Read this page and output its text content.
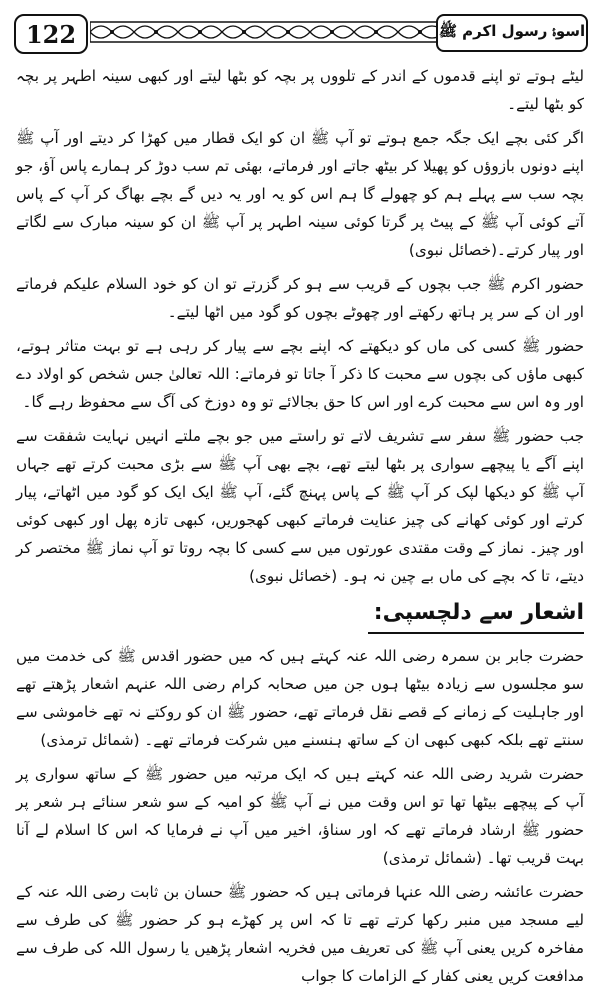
122	اسوۂ رسول اکرم ﷺ

لیٹے ہوتے تو اپنے قدموں کے اندر کے تلووں پر بچہ کو بٹھا لیتے اور کبھی سینہ اطہر پر بچہ کو بٹھا لیتے۔

اگر کئی بچے ایک جگہ جمع ہوتے تو آپ ﷺ ان کو ایک قطار میں کھڑا کر دیتے اور آپ ﷺ اپنے دونوں بازوؤں کو پھیلا کر بیٹھ جاتے اور فرماتے، بھئی تم سب دوڑ کر ہمارے پاس آؤ، جو بچہ سب سے پہلے ہم کو چھولے گا ہم اس کو یہ اور یہ دیں گے بچے بھاگ کر آپ کے پاس آتے کوئی آپ ﷺ کے پیٹ پر گرتا کوئی سینہ اطہر پر آپ ﷺ ان کو سینہ مبارک سے لگاتے اور پیار کرتے۔(خصائل نبوی)

حضور اکرم ﷺ جب بچوں کے قریب سے ہو کر گزرتے تو ان کو خود السلام علیکم فرماتے اور ان کے سر پر ہاتھ رکھتے اور چھوٹے بچوں کو گود میں اٹھا لیتے۔

حضور ﷺ کسی کی ماں کو دیکھتے کہ اپنے بچے سے پیار کر رہی ہے تو بہت متاثر ہوتے، کبھی ماؤں کی بچوں سے محبت کا ذکر آ جاتا تو فرماتے: اللہ تعالیٰ جس شخص کو اولاد دے اور وہ اس سے محبت کرے اور اس کا حق بجالائے تو وہ دوزخ کی آگ سے محفوظ رہے گا۔

جب حضور ﷺ سفر سے تشریف لاتے تو راستے میں جو بچے ملتے انہیں نہایت شفقت سے اپنے آگے یا پیچھے سواری پر بٹھا لیتے تھے، بچے بھی آپ ﷺ سے بڑی محبت کرتے تھے جہاں آپ ﷺ کو دیکھا لپک کر آپ ﷺ کے پاس پہنچ گئے، آپ ﷺ ایک ایک کو گود میں اٹھاتے، پیار کرتے اور کوئی کھانے کی چیز عنایت فرماتے کبھی کھجوریں، کبھی تازہ پھل اور کبھی کوئی اور چیز۔ نماز کے وقت مقتدی عورتوں میں سے کسی کا بچہ روتا تو آپ نماز ﷺ مختصر کر دیتے، تا کہ بچے کی ماں بے چین نہ ہو۔ (خصائل نبوی)

اشعار سے دلچسپی:

حضرت جابر بن سمرہ رضی اللہ عنہ کہتے ہیں کہ میں حضور اقدس ﷺ کی خدمت میں سو مجلسوں سے زیادہ بیٹھا ہوں جن میں صحابہ کرام رضی اللہ عنہم اشعار پڑھتے تھے اور جاہلیت کے زمانے کے قصے نقل فرماتے تھے، حضور ﷺ ان کو روکتے نہ تھے خاموشی سے سنتے تھے بلکہ کبھی کبھی ان کے ساتھ ہنسنے میں شرکت فرماتے تھے۔ (شمائل ترمذی)

حضرت شرید رضی اللہ عنہ کہتے ہیں کہ ایک مرتبہ میں حضور ﷺ کے ساتھ سواری پر آپ کے پیچھے بیٹھا تھا تو اس وقت میں نے آپ ﷺ کو امیہ کے سو شعر سنائے ہر شعر پر حضور ﷺ ارشاد فرماتے تھے کہ اور سناؤ، اخیر میں آپ نے فرمایا کہ اس کا اسلام لے آنا بہت قریب تھا۔ (شمائل ترمذی)

حضرت عائشہ رضی اللہ عنہا فرماتی ہیں کہ حضور ﷺ حسان بن ثابت رضی اللہ عنہ کے لیے مسجد میں منبر رکھا کرتے تھے تا کہ اس پر کھڑے ہو کر حضور ﷺ کی طرف سے مفاخرہ کریں یعنی آپ ﷺ کی تعریف میں فخریہ اشعار پڑھیں یا رسول اللہ کی طرف سے مدافعت کریں یعنی کفار کے الزامات کا جواب
